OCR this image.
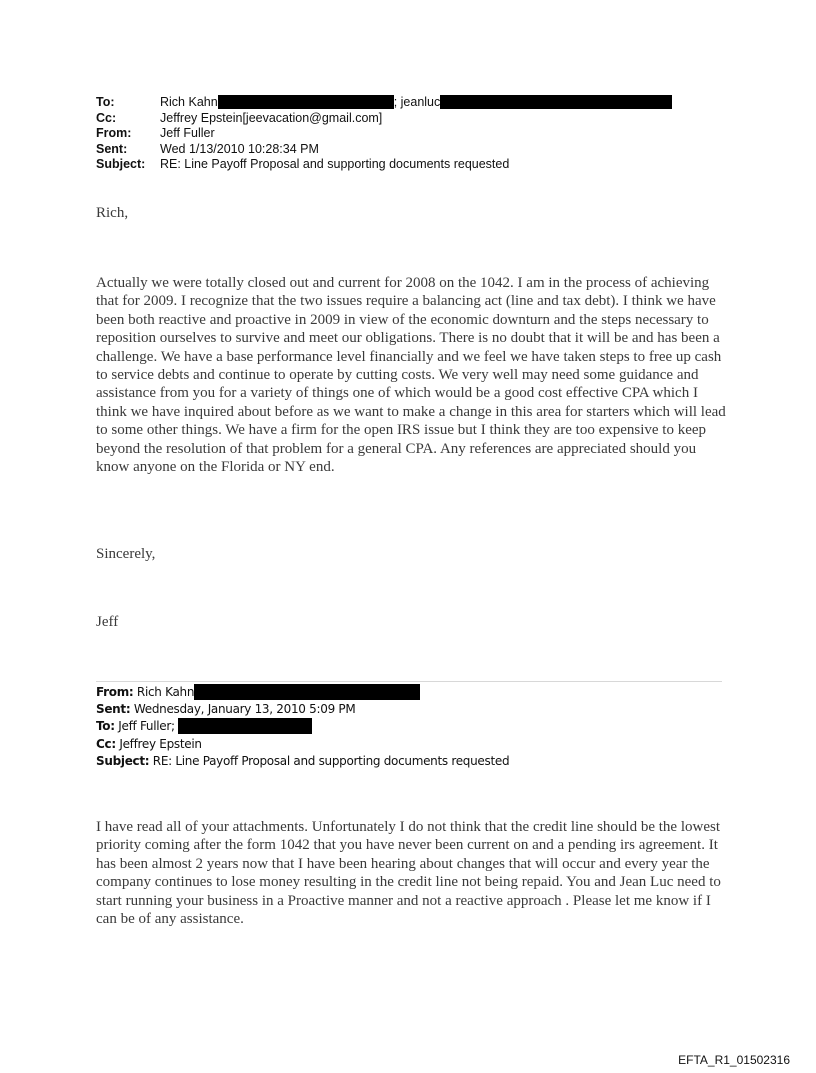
To:	Rich Kahn	; jeanluc
Cc:	Jeffrey Epstein[jeevacation@gmail.com]
From: Jeff Fuller
Sent:	Wed 1/13/2010 10:28:34 PM
Subject: RE: Line Payoff Proposal and supporting documents requested

Rich,

Actually we were totally closed out and current for 2008 on the 1042. I am in the process of achieving that for 2009. I recognize that the two issues require a balancing act (line and tax debt). I think we have been both reactive and proactive in 2009 in view of the economic downturn and the steps necessary to reposition ourselves to survive and meet our obligations. There is no doubt that it will be and has been a challenge. We have a base performance level financially and we feel we have taken steps to free up cash to service debts and continue to operate by cutting costs. We very well may need some guidance and assistance from you for a variety of things one of which would be a good cost effective CPA which I think we have inquired about before as we want to make a change in this area for starters which will lead to some other things. We have a firm for the open IRS issue but I think they are too expensive to keep beyond the resolution of that problem for a general CPA. Any references are appreciated should you know anyone on the Florida or NY end.

Sincerely,

Jeff

From: Rich Kahn
Sent: Wednesday, January 13, 2010 5:09 PM
To: Jeff Fuller;
Cc: Jeffrey Epstein
Subject: RE: Line Payoff Proposal and supporting documents requested

I have read all of your attachments. Unfortunately I do not think that the credit line should be the lowest priority coming after the form 1042 that you have never been current on and a pending irs agreement. It has been almost 2 years now that I have been hearing about changes that will occur and every year the company continues to lose money resulting in the credit line not being repaid. You and Jean Luc need to start running your business in a Proactive manner and not a reactive approach . Please let me know if I can be of any assistance.

EFTA_R1_01502316
